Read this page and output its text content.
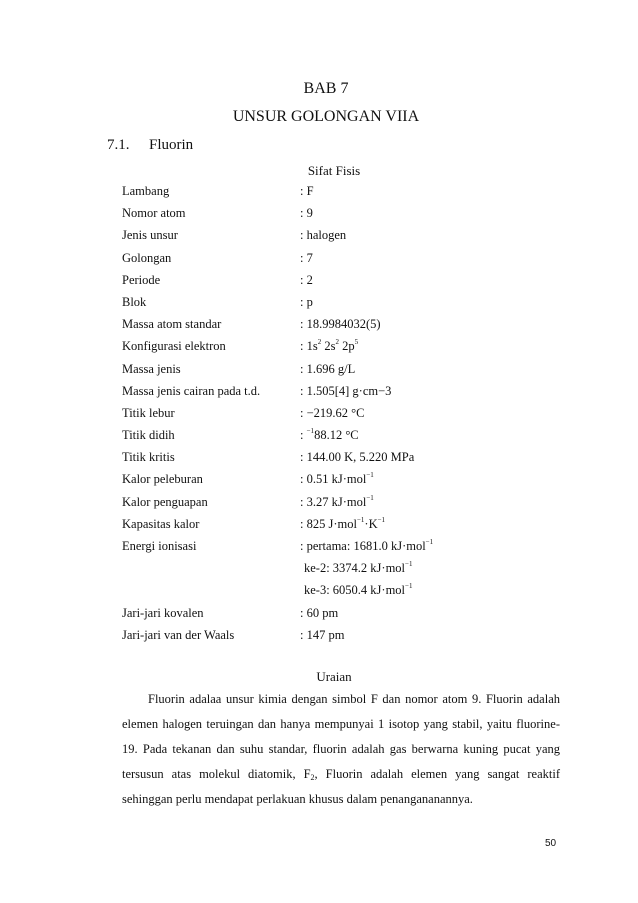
BAB 7
UNSUR GOLONGAN VIIA
7.1. Fluorin
Sifat Fisis
Lambang	: F
Nomor atom	: 9
Jenis unsur	: halogen
Golongan	: 7
Periode	: 2
Blok	: p
Massa atom standar	: 18.9984032(5)
Konfigurasi elektron	: $1s^2$ $2s^2$ $2p^5$
Massa jenis	: 1.696 g/L
Massa jenis cairan pada t.d.	: 1.505[4] g·cm−3
Titik lebur	: −219.62 °C
Titik didih	: $^{-1}$88.12 °C
Titik kritis	: 144.00 K, 5.220 MPa
Kalor peleburan	: 0.51 kJ·mol$^{-1}$
Kalor penguapan	: 3.27 kJ·mol$^{-1}$
Kapasitas kalor	: 825 $J\cdot mol^{-1}\cdot K^{-1}$
Energi ionisasi	: pertama: 1681.0 kJ·mol$^{-1}$
ke-2: 3374.2 kJ·mol$^{-1}$
ke-3: 6050.4 kJ·mol$^{-1}$
Jari-jari kovalen	: 60 pm
Jari-jari van der Waals	: 147 pm
Uraian

Fluorin adalaa unsur kimia dengan simbol F dan nomor atom 9. Fluorin adalah elemen halogen teruingan dan hanya mempunyai 1 isotop yang stabil, yaitu fluorine-19. Pada tekanan dan suhu standar, fluorin adalah gas berwarna kuning pucat yang tersusun atas molekul diatomik, $F_2$, Fluorin adalah elemen yang sangat reaktif sehinggan perlu mendapat perlakuan khusus dalam penangananannya.

50
